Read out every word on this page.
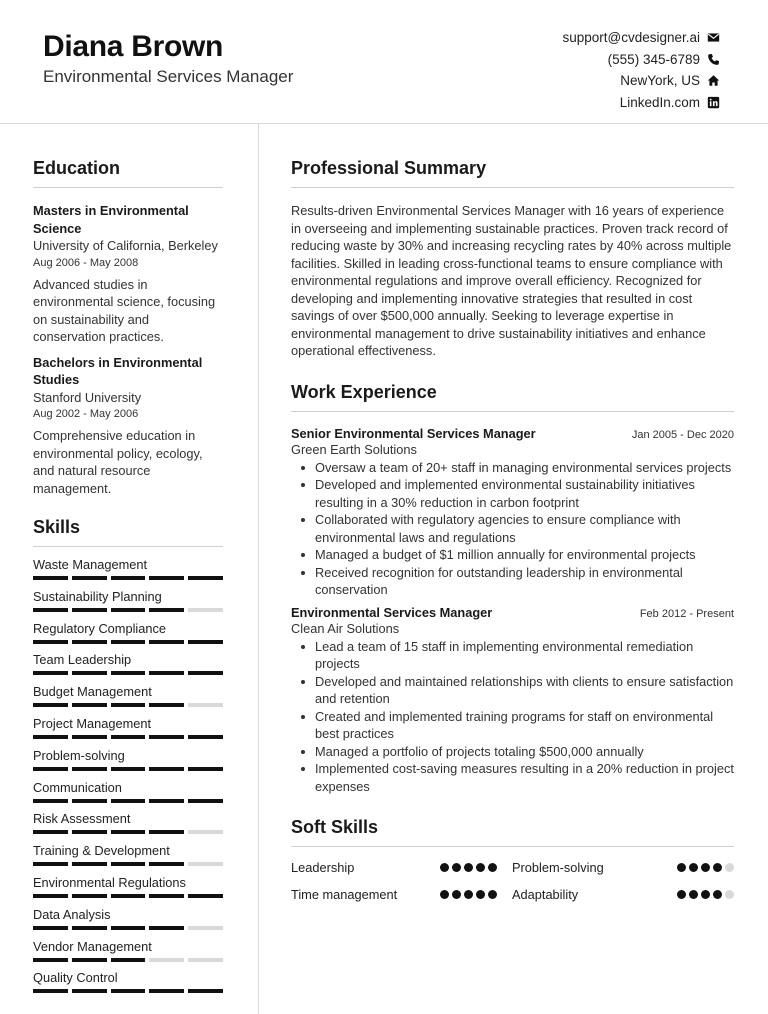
Diana Brown
Environmental Services Manager
support@cvdesigner.ai
(555) 345-6789
NewYork, US
LinkedIn.com
Education
Masters in Environmental Science
University of California, Berkeley
Aug 2006 - May 2008
Advanced studies in environmental science, focusing on sustainability and conservation practices.
Bachelors in Environmental Studies
Stanford University
Aug 2002 - May 2006
Comprehensive education in environmental policy, ecology, and natural resource management.
Skills
Waste Management
Sustainability Planning
Regulatory Compliance
Team Leadership
Budget Management
Project Management
Problem-solving
Communication
Risk Assessment
Training & Development
Environmental Regulations
Data Analysis
Vendor Management
Quality Control
Professional Summary
Results-driven Environmental Services Manager with 16 years of experience in overseeing and implementing sustainable practices. Proven track record of reducing waste by 30% and increasing recycling rates by 40% across multiple facilities. Skilled in leading cross-functional teams to ensure compliance with environmental regulations and improve overall efficiency. Recognized for developing and implementing innovative strategies that resulted in cost savings of over $500,000 annually. Seeking to leverage expertise in environmental management to drive sustainability initiatives and enhance operational effectiveness.
Work Experience
Senior Environmental Services Manager	Jan 2005 - Dec 2020
Green Earth Solutions
Oversaw a team of 20+ staff in managing environmental services projects
Developed and implemented environmental sustainability initiatives resulting in a 30% reduction in carbon footprint
Collaborated with regulatory agencies to ensure compliance with environmental laws and regulations
Managed a budget of $1 million annually for environmental projects
Received recognition for outstanding leadership in environmental conservation
Environmental Services Manager	Feb 2012 - Present
Clean Air Solutions
Lead a team of 15 staff in implementing environmental remediation projects
Developed and maintained relationships with clients to ensure satisfaction and retention
Created and implemented training programs for staff on environmental best practices
Managed a portfolio of projects totaling $500,000 annually
Implemented cost-saving measures resulting in a 20% reduction in project expenses
Soft Skills
Leadership	Problem-solving
Time management	Adaptability
